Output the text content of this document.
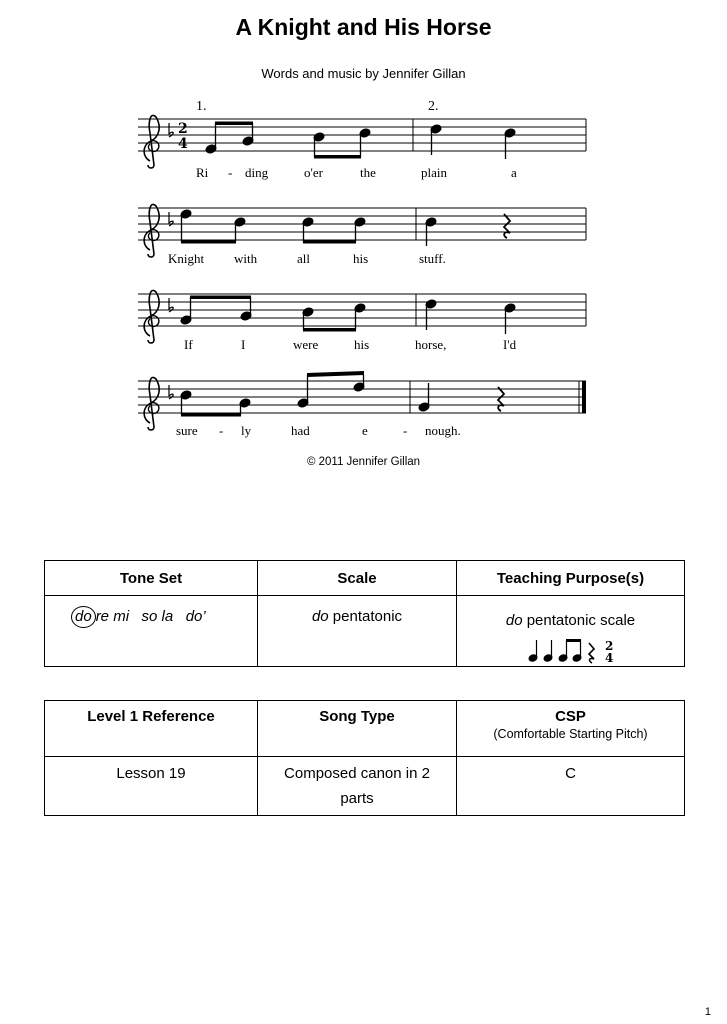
A Knight and His Horse
Words and music by Jennifer Gillan
2
4
1.	2.
Ri - ding	o'er	the	plain	a
Knight with	all	his	stuff.
If	I	were	his	horse,	I'd
sure - ly	had	e	- nough.
© 2011 Jennifer Gillan
Tone Set	Scale	Teaching Purpose(s)

do re mi   so la   do’	do pentatonic	do pentatonic scale
2
4
Level 1 Reference	Song Type	CSP
(Comfortable Starting Pitch)

Lesson 19	Composed canon in 2 parts	C
1
